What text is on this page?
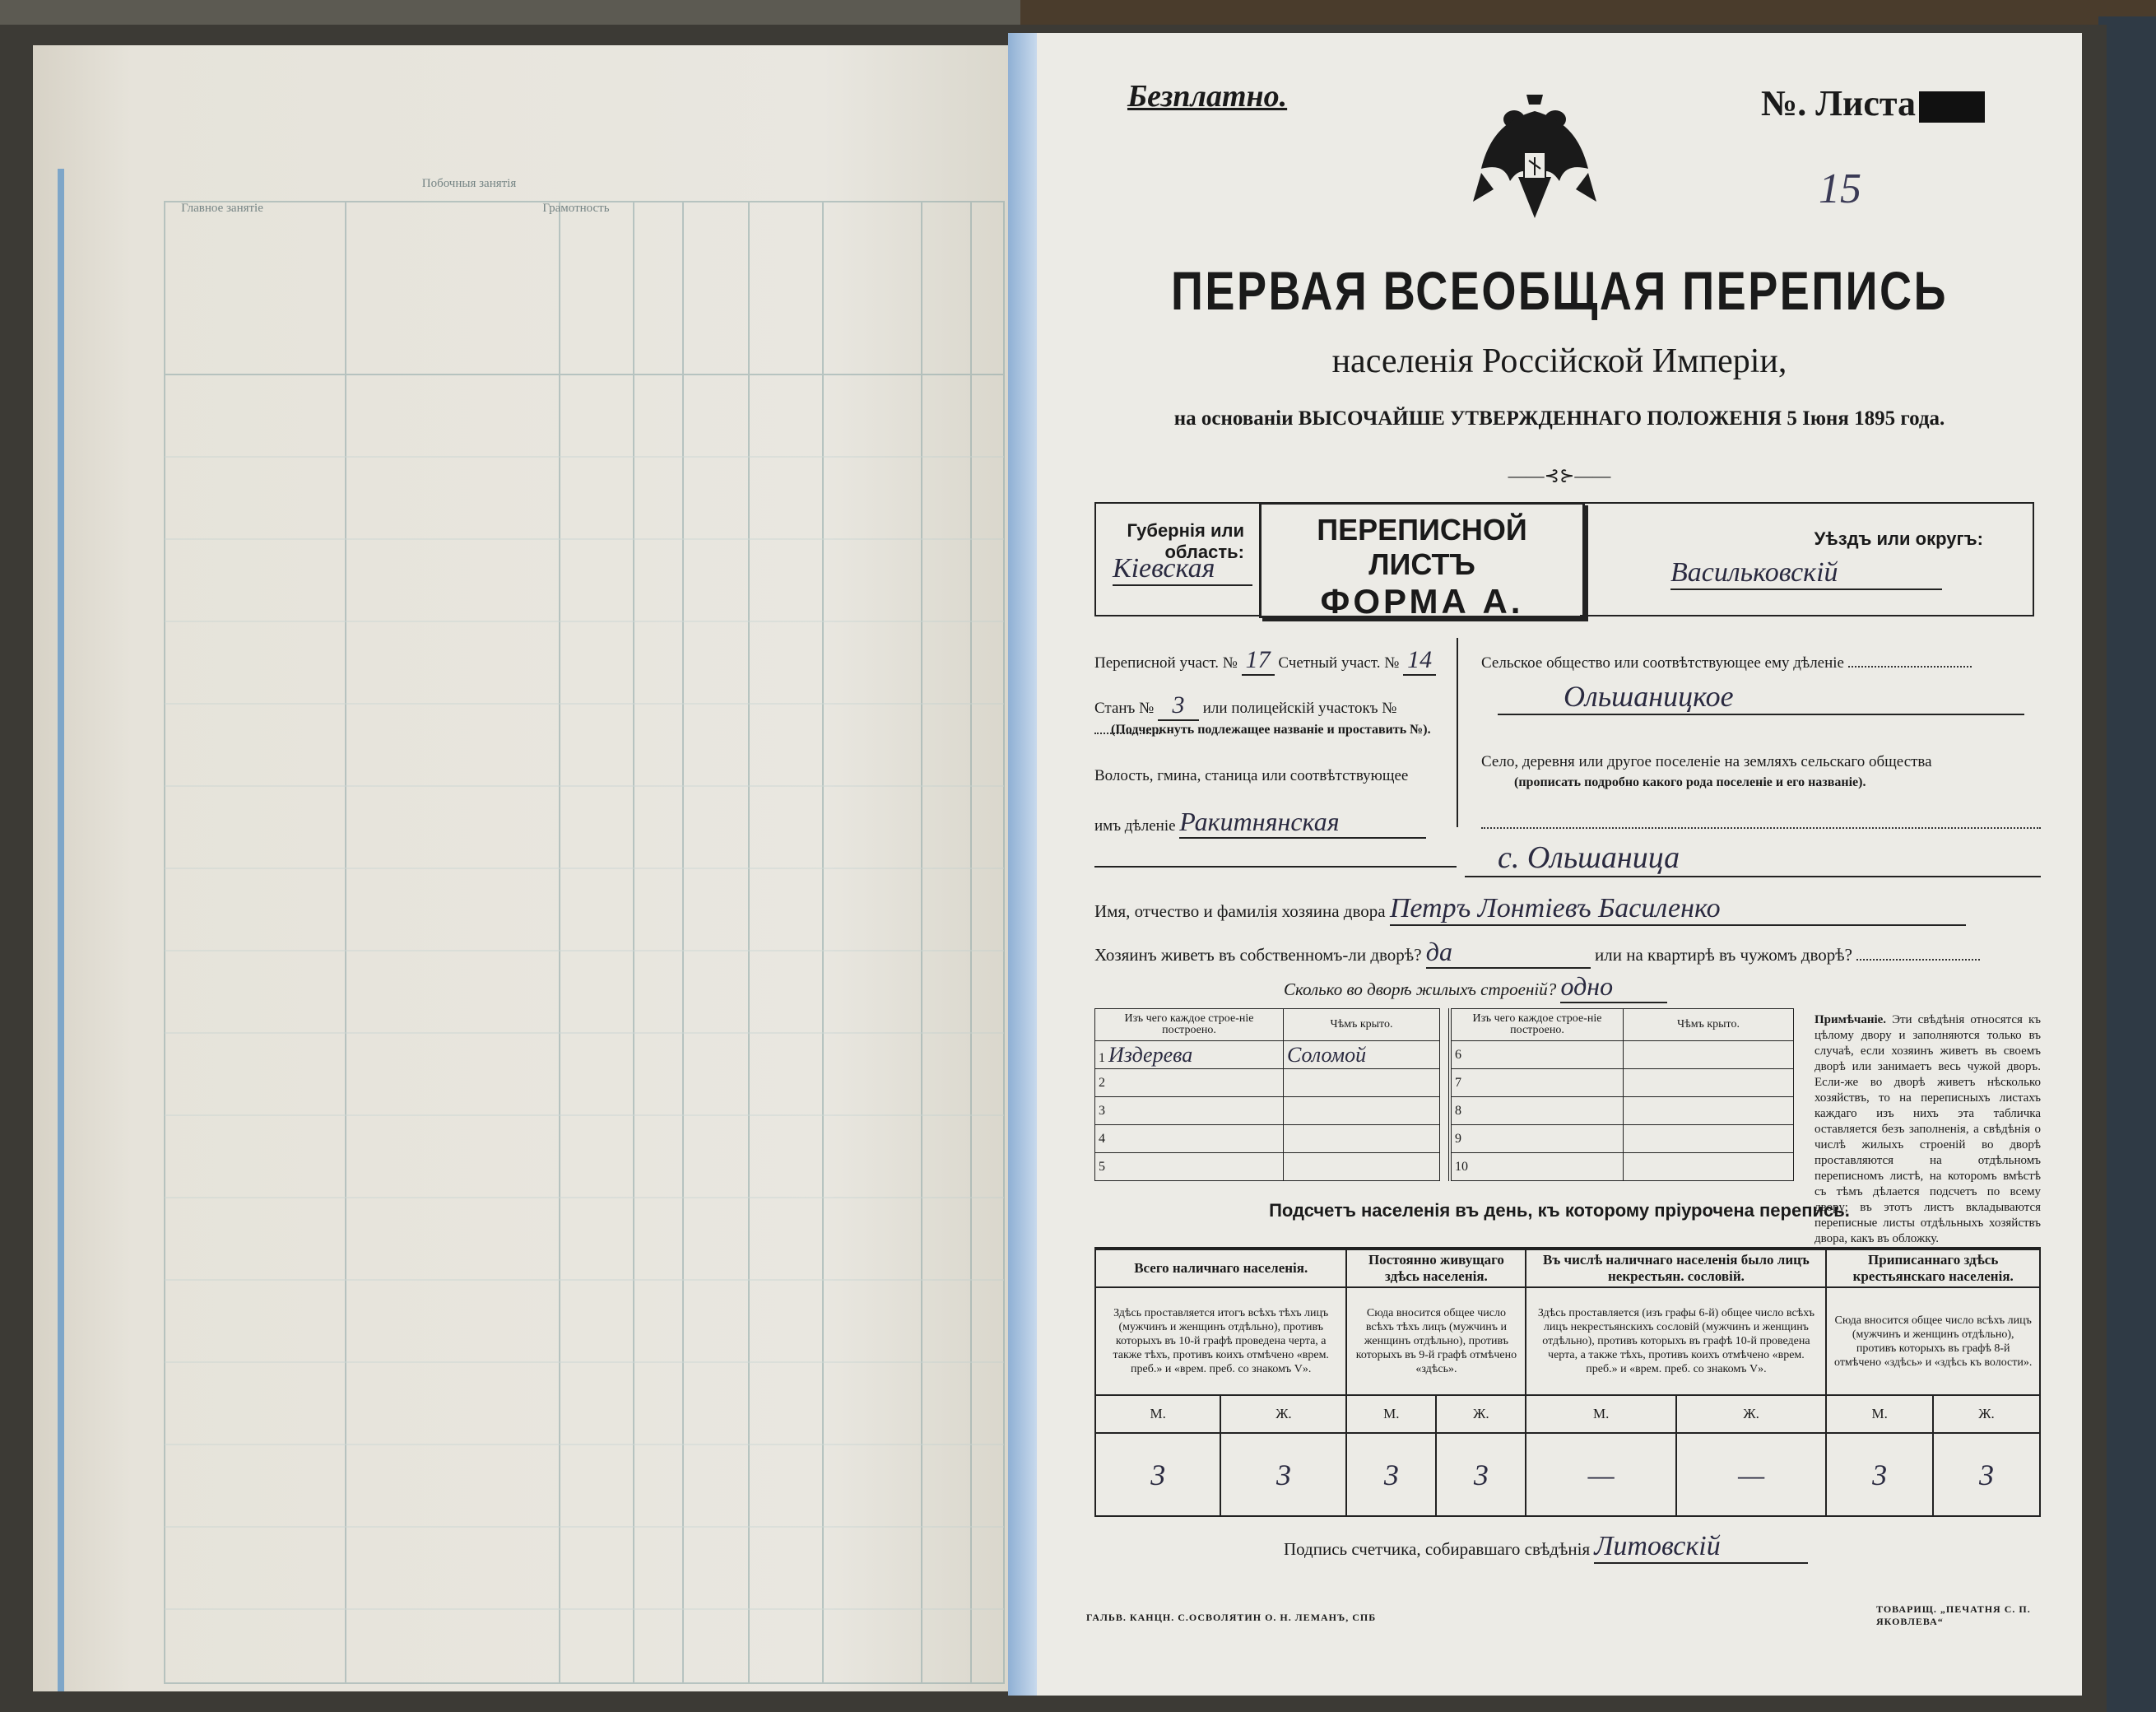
Побочныя занятія
Грамотность
Главное занятіе
Безплатно.	№. Листа
15
ПЕРВАЯ ВСЕОБЩАЯ ПЕРЕПИСЬ
населенія Россійской Имперіи,
на основаніи ВЫСОЧАЙШЕ УТВЕРЖДЕННАГО ПОЛОЖЕНІЯ 5 Іюня 1895 года.
——⊰⊱——
Губернія или область:
Кіевская
ПЕРЕПИСНОЙ ЛИСТЪ
ФОРМА А.
Уѣздъ или округъ:
Васильковскій
Переписной участ. № 17 Счетный участ. № 14
Станъ № 3 или полицейскій участокъ №
(Подчеркнуть подлежащее названіе и проставить №).
Волость, гмина, станица или соотвѣтствующее
имъ дѣленіе Ракитнянская
Сельское общество или соотвѣтствующее ему дѣленіе
Ольшаницкое
Село, деревня или другое поселеніе на земляхъ сельскаго общества
(прописать подробно какого рода поселеніе и его названіе).
с. Ольшаница
Имя, отчество и фамилія хозяина двора Петръ Лонтіевъ Басиленко
Хозяинъ живетъ въ собственномъ-ли дворѣ? да	или на квартирѣ въ чужомъ дворѣ?
Сколько во дворѣ жилыхъ строеній? одно
Изъ чего каждое строе-ніе построено.	Чѣмъ крыто.
1 Издерева	Соломой
2	
3	
4	
5	
Изъ чего каждое строе-ніе построено.	Чѣмъ крыто.
6	
7	
8	
9	
10	
Примѣчаніе. Эти свѣдѣнія относятся къ цѣлому двору и заполняются только въ случаѣ, если хозяинъ живетъ въ своемъ дворѣ или занимаетъ весь чужой дворъ. Если-же во дворѣ живетъ нѣсколько хозяйствъ, то на переписныхъ листахъ каждаго изъ нихъ эта табличка оставляется безъ заполненія, а свѣдѣнія о числѣ жилыхъ строеній во дворѣ проставляются на отдѣльномъ переписномъ листѣ, на которомъ вмѣстѣ съ тѣмъ дѣлается подсчетъ по всему двору; въ этотъ листъ вкладываются переписные листы отдѣльныхъ хозяйствъ двора, какъ въ обложку.
Подсчетъ населенія въ день, къ которому пріурочена перепись.
Всего наличнаго населенія.		Постоянно живущаго здѣсь населенія.		Въ числѣ наличнаго населенія было лицъ некрестьян. сословій.		Приписаннаго здѣсь крестьянскаго населенія.	
Здѣсь проставляется итогъ всѣхъ тѣхъ лицъ (мужчинъ и женщинъ отдѣльно), противъ которыхъ въ 10-й графѣ проведена черта, а также тѣхъ, противъ коихъ отмѣчено «врем. преб.» и «врем. преб. со знакомъ V».		Сюда вносится общее число всѣхъ тѣхъ лицъ (мужчинъ и женщинъ отдѣльно), противъ которыхъ въ 9-й графѣ отмѣчено «здѣсь».		Здѣсь проставляется (изъ графы 6-й) общее число всѣхъ лицъ некрестьянскихъ сословій (мужчинъ и женщинъ отдѣльно), противъ которыхъ въ графѣ 10-й проведена черта, а также тѣхъ, противъ коихъ отмѣчено «врем. преб.» и «врем. преб. со знакомъ V».		Сюда вносится общее число всѣхъ лицъ (мужчинъ и женщинъ отдѣльно), противъ которыхъ въ графѣ 8-й отмѣчено «здѣсь» и «здѣсь къ волости».	
М.	Ж.	М.	Ж.	М.	Ж.	М.	Ж.
3	3	3	3	—	—	3	3
Подпись счетчика, собиравшаго свѣдѣнія Литовскій
ГАЛЬВ. КАНЦН. С.ОСВОЛЯТИН О. Н. ЛЕМАНЪ, СПБ
ТОВАРИЩ. „ПЕЧАТНЯ С. П. ЯКОВЛЕВА“
